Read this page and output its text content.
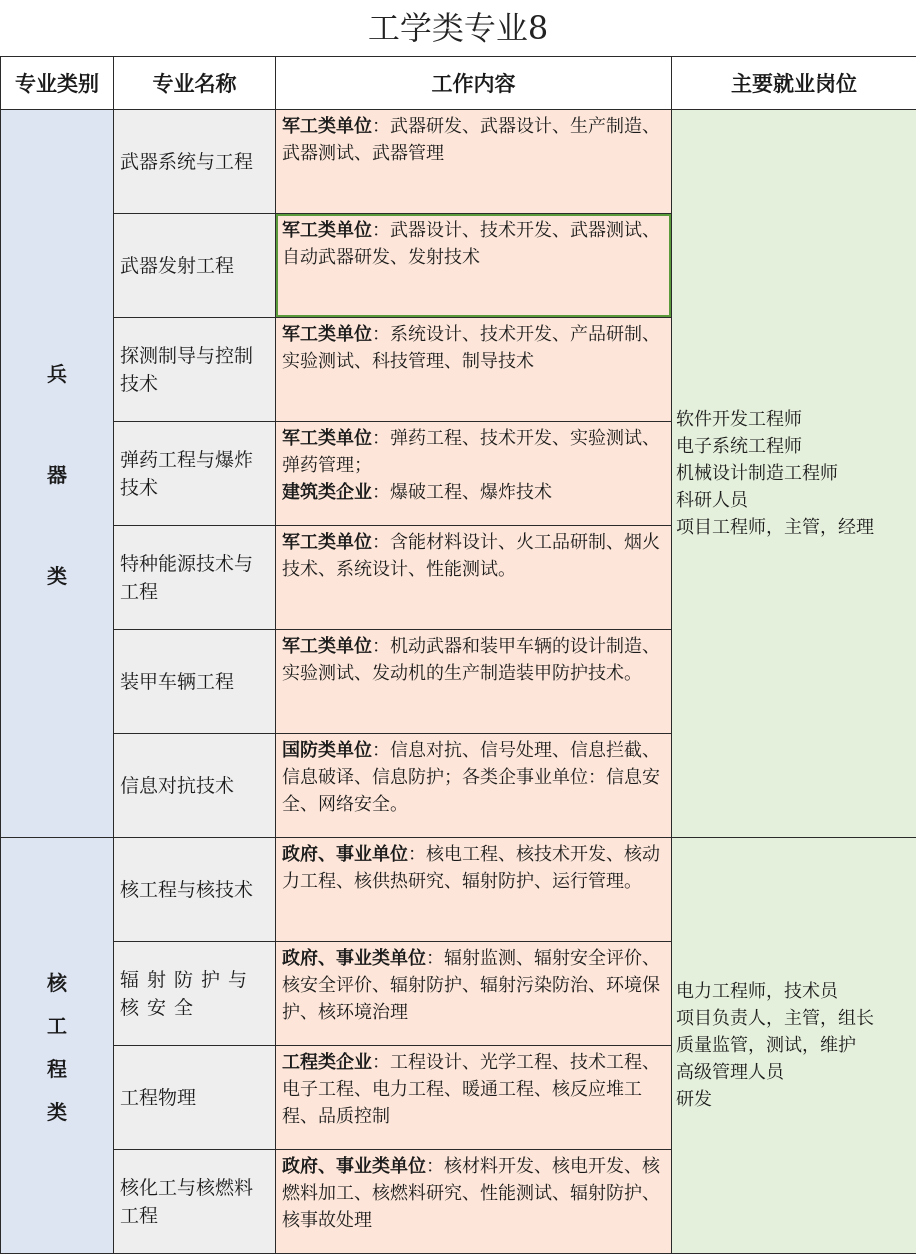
工学类专业8
专业类别	专业名称	工作内容	主要就业岗位

兵
器
类	武器系统与工程	军工类单位：武器研发、武器设计、生产制造、武器测试、武器管理	软件开发工程师
电子系统工程师
机械设计制造工程师
科研人员
项目工程师，主管，经理

	武器发射工程	军工类单位：武器设计、技术开发、武器测试、自动武器研发、发射技术	
	探测制导与控制技术	军工类单位：系统设计、技术开发、产品研制、实验测试、科技管理、制导技术	
	弹药工程与爆炸技术	军工类单位：弹药工程、技术开发、实验测试、弹药管理；
建筑类企业：爆破工程、爆炸技术	
	特种能源技术与工程	军工类单位：含能材料设计、火工品研制、烟火技术、系统设计、性能测试。	
	装甲车辆工程	军工类单位：机动武器和装甲车辆的设计制造、实验测试、发动机的生产制造装甲防护技术。	
	信息对抗技术	国防类单位：信息对抗、信号处理、信息拦截、信息破译、信息防护；各类企事业单位：信息安全、网络安全。	

核
工
程
类	核工程与核技术	政府、事业单位：核电工程、核技术开发、核动力工程、核供热研究、辐射防护、运行管理。	电力工程师，技术员
项目负责人，主管，组长
质量监管，测试，维护
高级管理人员
研发

	辐射防护与核安全	政府、事业类单位：辐射监测、辐射安全评价、核安全评价、辐射防护、辐射污染防治、环境保护、核环境治理	
	工程物理	工程类企业：工程设计、光学工程、技术工程、电子工程、电力工程、暖通工程、核反应堆工程、品质控制	
	核化工与核燃料工程	政府、事业类单位：核材料开发、核电开发、核燃料加工、核燃料研究、性能测试、辐射防护、核事故处理	
